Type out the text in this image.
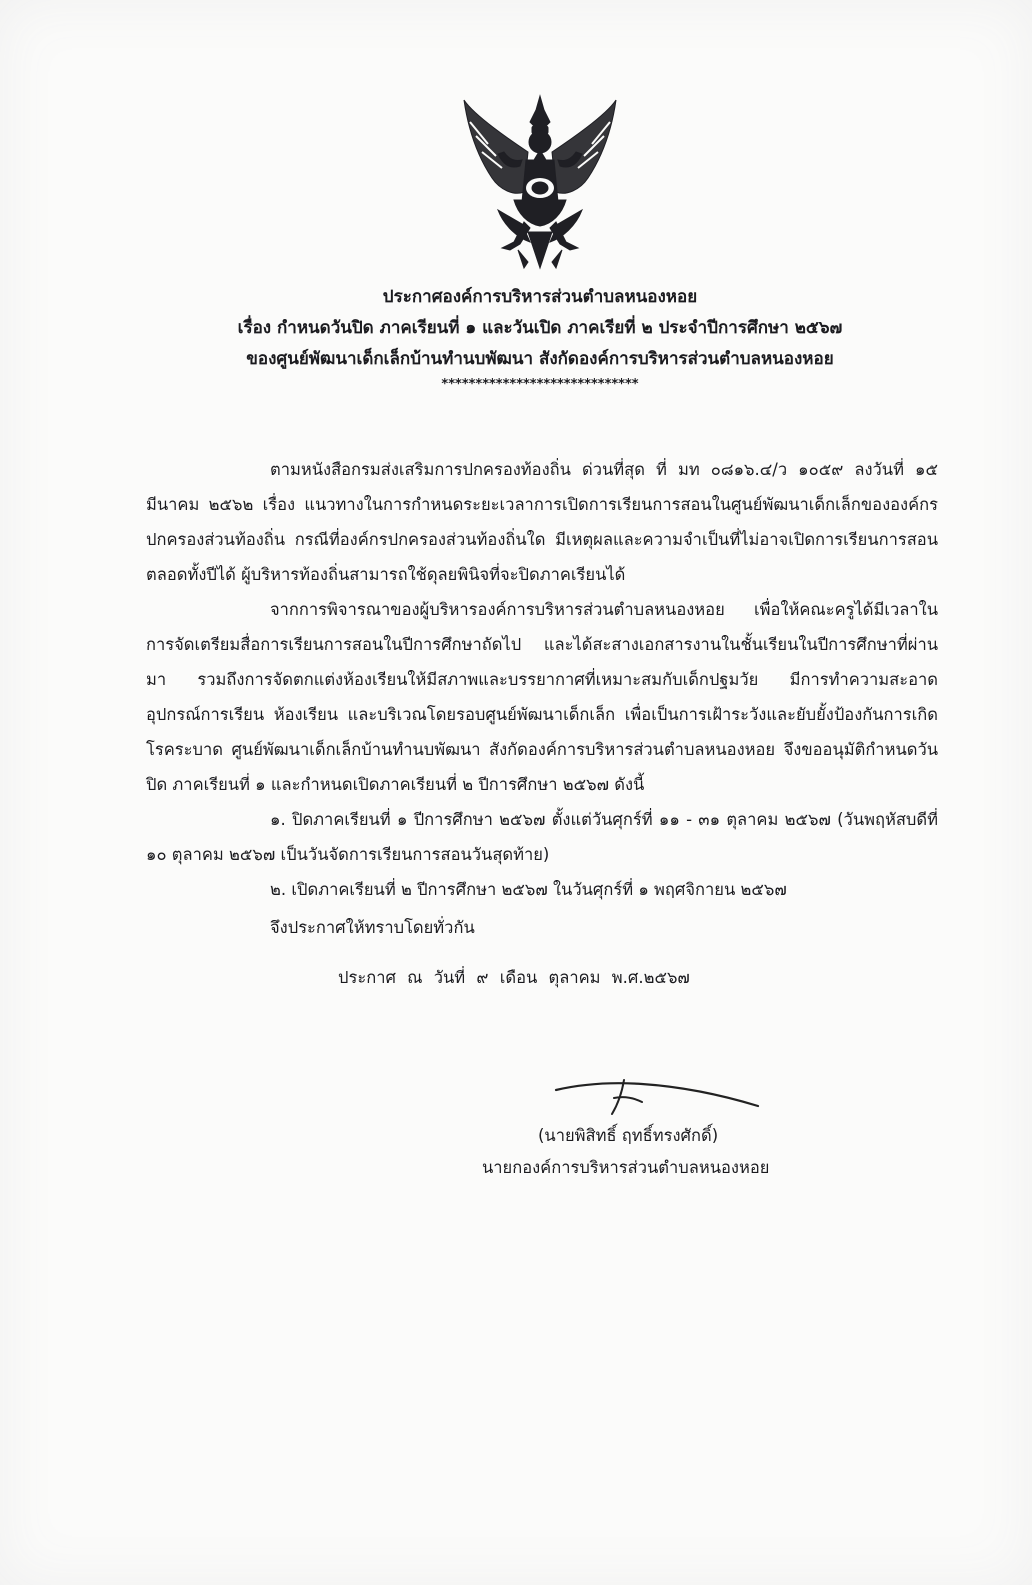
ประกาศองค์การบริหารส่วนตำบลหนองหอย
เรื่อง กำหนดวันปิด ภาคเรียนที่ ๑ และวันเปิด ภาคเรียที่ ๒ ประจำปีการศึกษา ๒๕๖๗
ของศูนย์พัฒนาเด็กเล็กบ้านทำนบพัฒนา สังกัดองค์การบริหารส่วนตำบลหนองหอย
*****************************

ตามหนังสือกรมส่งเสริมการปกครองท้องถิ่น ด่วนที่สุด ที่ มท ๐๘๑๖.๔/ว ๑๐๕๙ ลงวันที่ ๑๕ มีนาคม ๒๕๖๒ เรื่อง แนวทางในการกำหนดระยะเวลาการเปิดการเรียนการสอนในศูนย์พัฒนาเด็กเล็กขององค์กรปกครองส่วนท้องถิ่น กรณีที่องค์กรปกครองส่วนท้องถิ่นใด มีเหตุผลและความจำเป็นที่ไม่อาจเปิดการเรียนการสอนตลอดทั้งปีได้ ผู้บริหารท้องถิ่นสามารถใช้ดุลยพินิจที่จะปิดภาคเรียนได้

จากการพิจารณาของผู้บริหารองค์การบริหารส่วนตำบลหนองหอย เพื่อให้คณะครูได้มีเวลาในการจัดเตรียมสื่อการเรียนการสอนในปีการศึกษาถัดไป และได้สะสางเอกสารงานในชั้นเรียนในปีการศึกษาที่ผ่านมา รวมถึงการจัดตกแต่งห้องเรียนให้มีสภาพและบรรยากาศที่เหมาะสมกับเด็กปฐมวัย มีการทำความสะอาดอุปกรณ์การเรียน ห้องเรียน และบริเวณโดยรอบศูนย์พัฒนาเด็กเล็ก เพื่อเป็นการเฝ้าระวังและยับยั้งป้องกันการเกิดโรคระบาด ศูนย์พัฒนาเด็กเล็กบ้านทำนบพัฒนา สังกัดองค์การบริหารส่วนตำบลหนองหอย จึงขออนุมัติกำหนดวันปิด ภาคเรียนที่ ๑ และกำหนดเปิดภาคเรียนที่ ๒ ปีการศึกษา ๒๕๖๗ ดังนี้

๑. ปิดภาคเรียนที่ ๑ ปีการศึกษา ๒๕๖๗ ตั้งแต่วันศุกร์ที่ ๑๑ - ๓๑ ตุลาคม ๒๕๖๗ (วันพฤหัสบดีที่ ๑๐ ตุลาคม ๒๕๖๗ เป็นวันจัดการเรียนการสอนวันสุดท้าย)

๒. เปิดภาคเรียนที่ ๒ ปีการศึกษา ๒๕๖๗ ในวันศุกร์ที่ ๑ พฤศจิกายน ๒๕๖๗

จึงประกาศให้ทราบโดยทั่วกัน
ประกาศ ณ วันที่ ๙ เดือน ตุลาคม พ.ศ.๒๕๖๗
(นายพิสิทธิ์ ฤทธิ์ทรงศักดิ์)
นายกองค์การบริหารส่วนตำบลหนองหอย
